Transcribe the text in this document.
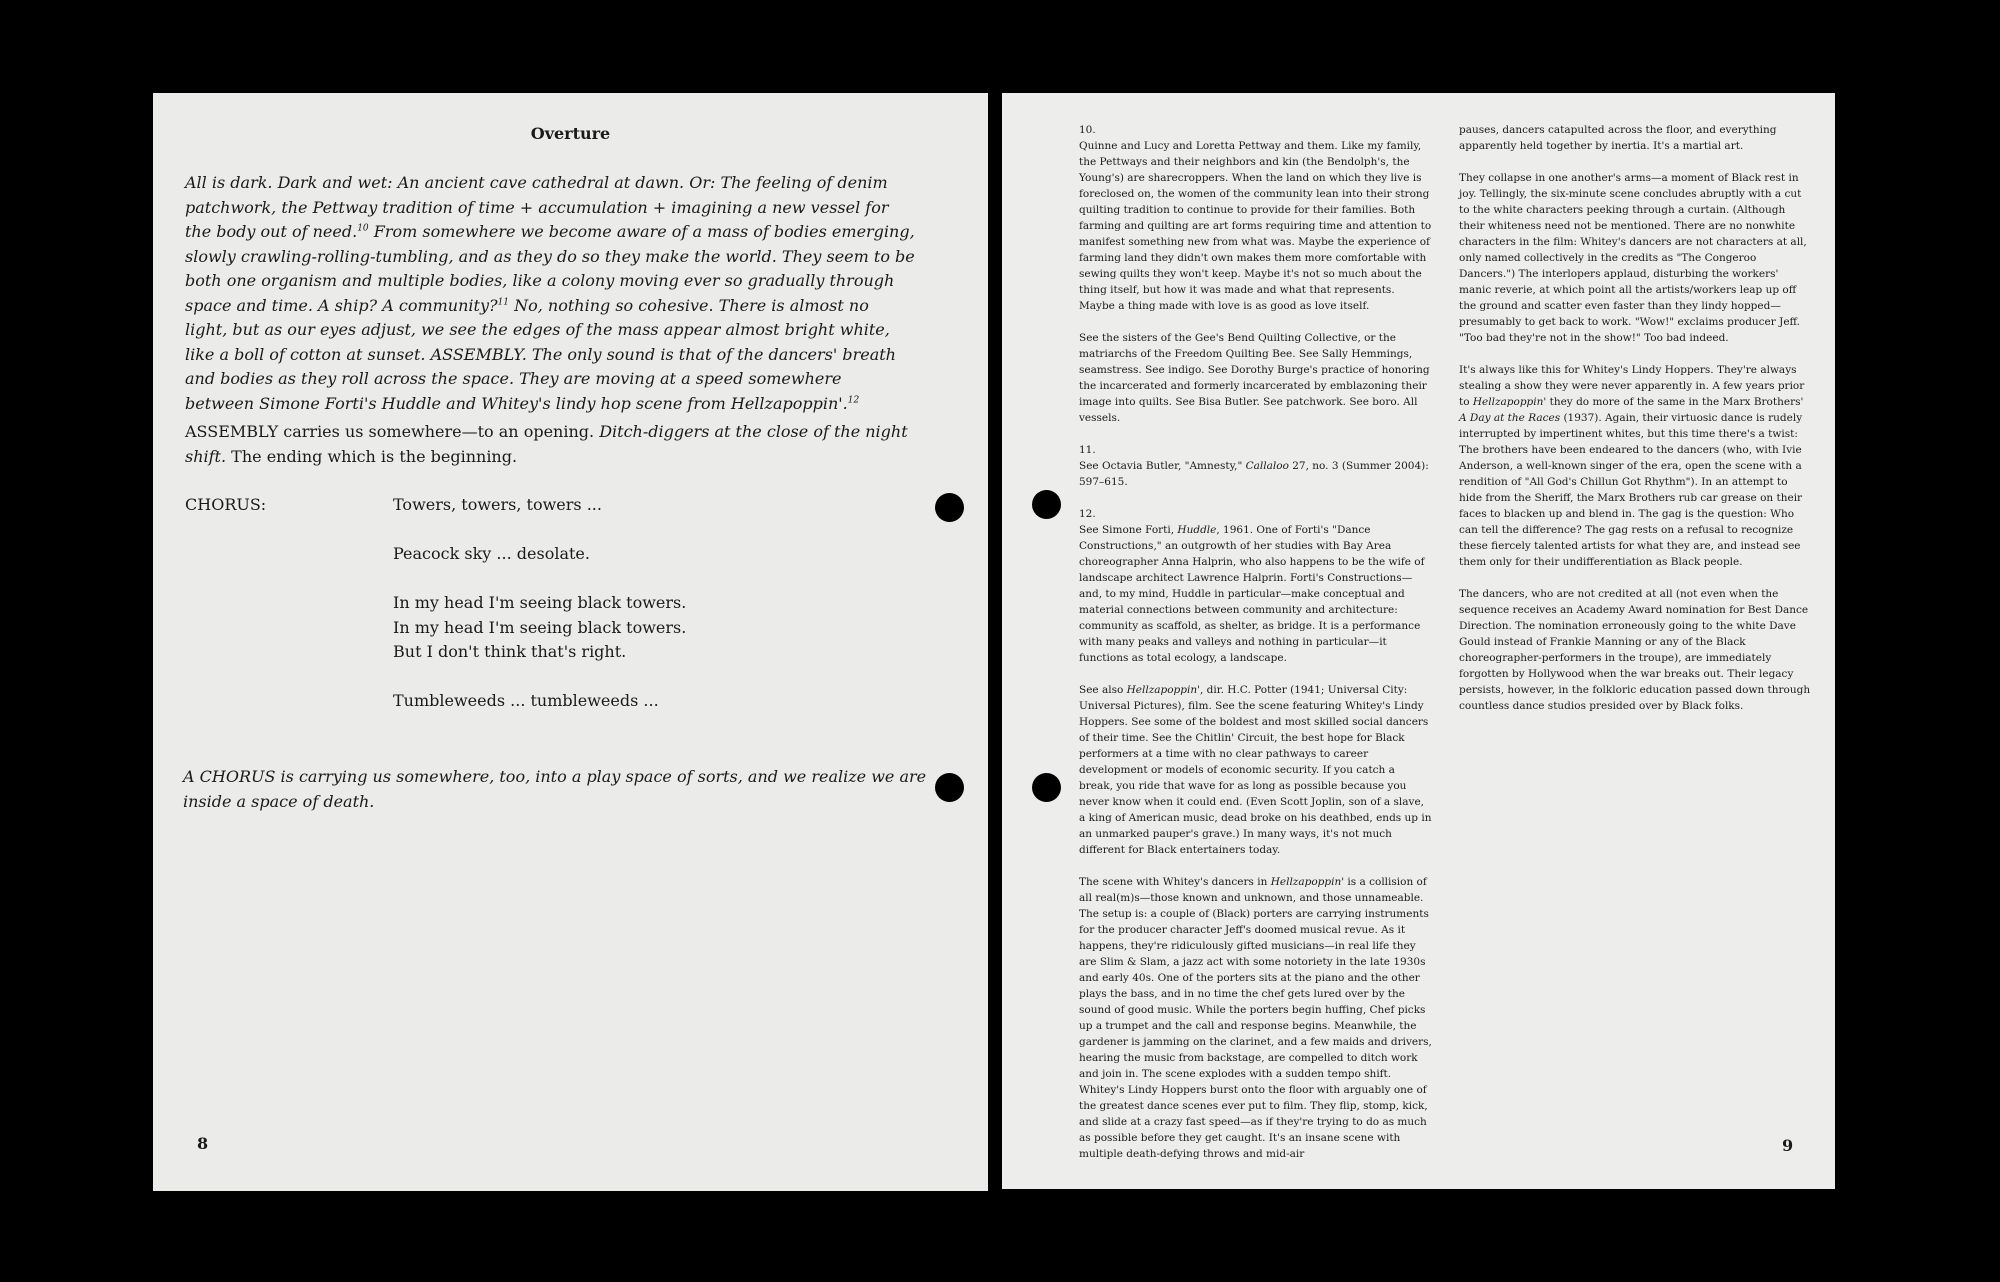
Overture
All is dark. Dark and wet: An ancient cave cathedral at dawn. Or: The feeling of denim patchwork, the Pettway tradition of time + accumulation + imagining a new vessel for the body out of need.$^{10}$ From somewhere we become aware of a mass of bodies emerging, slowly crawling-rolling-tumbling, and as they do so they make the world. They seem to be both one organism and multiple bodies, like a colony moving ever so gradually through space and time. A ship? A community?$^{11}$ No, nothing so cohesive. There is almost no light, but as our eyes adjust, we see the edges of the mass appear almost bright white, like a boll of cotton at sunset. ASSEMBLY. The only sound is that of the dancers' breath and bodies as they roll across the space. They are moving at a speed somewhere between Simone Forti's Huddle and Whitey's lindy hop scene from Hellzapoppin'.$^{12}$
ASSEMBLY carries us somewhere—to an opening. Ditch-diggers at the close of the night shift. The ending which is the beginning.
CHORUS:	Towers, towers, towers ...
Peacock sky ... desolate.
In my head I'm seeing black towers.
In my head I'm seeing black towers.
But I don't think that's right.
Tumbleweeds ... tumbleweeds ...
A CHORUS is carrying us somewhere, too, into a play space of sorts, and we realize we are inside a space of death.
8

10.

Quinne and Lucy and Loretta Pettway and them. Like my family, the Pettways and their neighbors and kin (the Bendolph's, the Young's) are sharecroppers. When the land on which they live is foreclosed on, the women of the community lean into their strong quilting tradition to continue to provide for their families. Both farming and quilting are art forms requiring time and attention to manifest something new from what was. Maybe the experience of farming land they didn't own makes them more comfortable with sewing quilts they won't keep. Maybe it's not so much about the thing itself, but how it was made and what that represents. Maybe a thing made with love is as good as love itself.

See the sisters of the Gee's Bend Quilting Collective, or the matriarchs of the Freedom Quilting Bee. See Sally Hemmings, seamstress. See indigo. See Dorothy Burge's practice of honoring the incarcerated and formerly incarcerated by emblazoning their image into quilts. See Bisa Butler. See patchwork. See boro. All vessels.

11.

See Octavia Butler, "Amnesty," Callaloo 27, no. 3 (Summer 2004): 597–615.

12.

See Simone Forti, Huddle, 1961. One of Forti's "Dance Constructions," an outgrowth of her studies with Bay Area choreographer Anna Halprin, who also happens to be the wife of landscape architect Lawrence Halprin. Forti's Constructions—and, to my mind, Huddle in particular—make conceptual and material connections between community and architecture: community as scaffold, as shelter, as bridge. It is a performance with many peaks and valleys and nothing in particular—it functions as total ecology, a landscape.

See also Hellzapoppin', dir. H.C. Potter (1941; Universal City: Universal Pictures), film. See the scene featuring Whitey's Lindy Hoppers. See some of the boldest and most skilled social dancers of their time. See the Chitlin' Circuit, the best hope for Black performers at a time with no clear pathways to career development or models of economic security. If you catch a break, you ride that wave for as long as possible because you never know when it could end. (Even Scott Joplin, son of a slave, a king of American music, dead broke on his deathbed, ends up in an unmarked pauper's grave.) In many ways, it's not much different for Black entertainers today.

The scene with Whitey's dancers in Hellzapoppin' is a collision of all real(m)s—those known and unknown, and those unnameable. The setup is: a couple of (Black) porters are carrying instruments for the producer character Jeff's doomed musical revue. As it happens, they're ridiculously gifted musicians—in real life they are Slim & Slam, a jazz act with some notoriety in the late 1930s and early 40s. One of the porters sits at the piano and the other plays the bass, and in no time the chef gets lured over by the sound of good music. While the porters begin huffing, Chef picks up a trumpet and the call and response begins. Meanwhile, the gardener is jamming on the clarinet, and a few maids and drivers, hearing the music from backstage, are compelled to ditch work and join in. The scene explodes with a sudden tempo shift. Whitey's Lindy Hoppers burst onto the floor with arguably one of the greatest dance scenes ever put to film. They flip, stomp, kick, and slide at a crazy fast speed—as if they're trying to do as much as possible before they get caught. It's an insane scene with multiple death-defying throws and mid-air

pauses, dancers catapulted across the floor, and everything apparently held together by inertia. It's a martial art.

They collapse in one another's arms—a moment of Black rest in joy. Tellingly, the six-minute scene concludes abruptly with a cut to the white characters peeking through a curtain. (Although their whiteness need not be mentioned. There are no nonwhite characters in the film: Whitey's dancers are not characters at all, only named collectively in the credits as "The Congeroo Dancers.") The interlopers applaud, disturbing the workers' manic reverie, at which point all the artists/workers leap up off the ground and scatter even faster than they lindy hopped—presumably to get back to work. "Wow!" exclaims producer Jeff. "Too bad they're not in the show!" Too bad indeed.

It's always like this for Whitey's Lindy Hoppers. They're always stealing a show they were never apparently in. A few years prior to Hellzapoppin' they do more of the same in the Marx Brothers' A Day at the Races (1937). Again, their virtuosic dance is rudely interrupted by impertinent whites, but this time there's a twist: The brothers have been endeared to the dancers (who, with Ivie Anderson, a well-known singer of the era, open the scene with a rendition of "All God's Chillun Got Rhythm"). In an attempt to hide from the Sheriff, the Marx Brothers rub car grease on their faces to blacken up and blend in. The gag is the question: Who can tell the difference? The gag rests on a refusal to recognize these fiercely talented artists for what they are, and instead see them only for their undifferentiation as Black people.

The dancers, who are not credited at all (not even when the sequence receives an Academy Award nomination for Best Dance Direction. The nomination erroneously going to the white Dave Gould instead of Frankie Manning or any of the Black choreographer-performers in the troupe), are immediately forgotten by Hollywood when the war breaks out. Their legacy persists, however, in the folkloric education passed down through countless dance studios presided over by Black folks.

9
